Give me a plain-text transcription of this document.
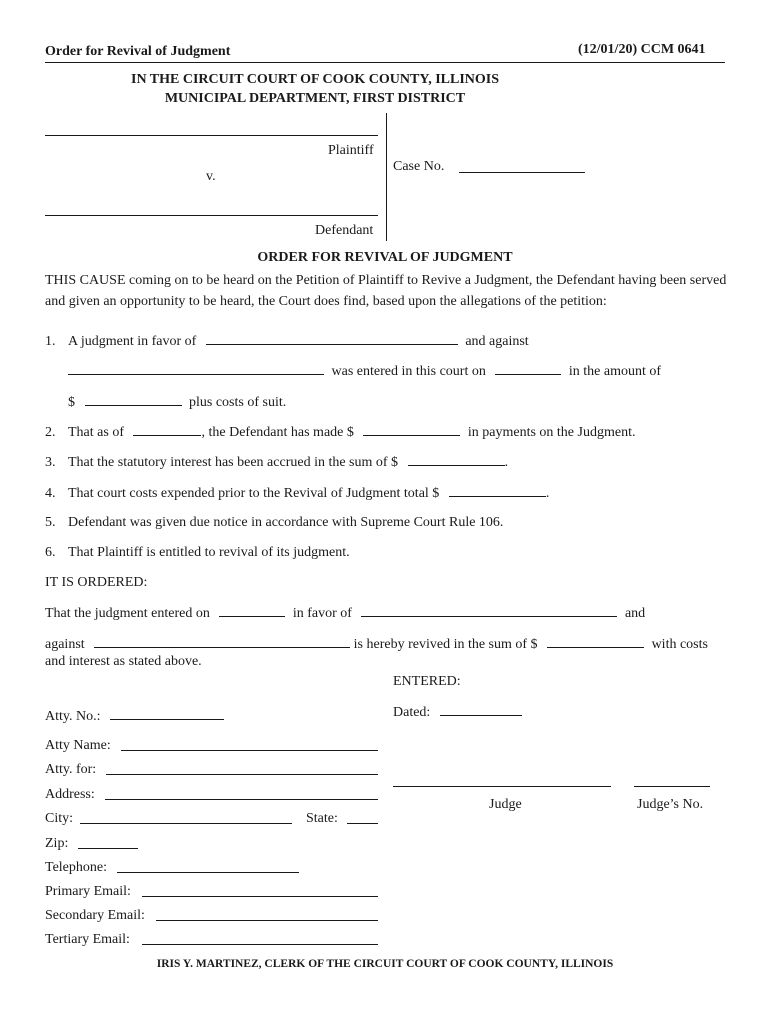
Order for Revival of Judgment	(12/01/20) CCM 0641
IN THE CIRCUIT COURT OF COOK COUNTY, ILLINOIS
MUNICIPAL DEPARTMENT, FIRST DISTRICT
Plaintiff
v.
Defendant
Case No.
ORDER FOR REVIVAL OF JUDGMENT
THIS CAUSE coming on to be heard on the Petition of Plaintiff to Revive a Judgment, the Defendant having been served and given an opportunity to be heard, the Court does find, based upon the allegations of the petition:
1. A judgment in favor of	and against
was entered in this court on	in the amount of
$	plus costs of suit.
2. That as of	, the Defendant has made $	in payments on the Judgment.
3. That the statutory interest has been accrued in the sum of $	.
4. That court costs expended prior to the Revival of Judgment total $	.
5. Defendant was given due notice in accordance with Supreme Court Rule 106.
6. That Plaintiff is entitled to revival of its judgment.
IT IS ORDERED:
That the judgment entered on	in favor of	and
against	is hereby revived in the sum of $	with costs
and interest as stated above.
ENTERED:
Dated:
Judge	Judge’s No.
Atty. No.:
Atty Name:
Atty. for:
Address:
City:	State:
Zip:
Telephone:
Primary Email:
Secondary Email:
Tertiary Email:
IRIS Y. MARTINEZ, CLERK OF THE CIRCUIT COURT OF COOK COUNTY, ILLINOIS
